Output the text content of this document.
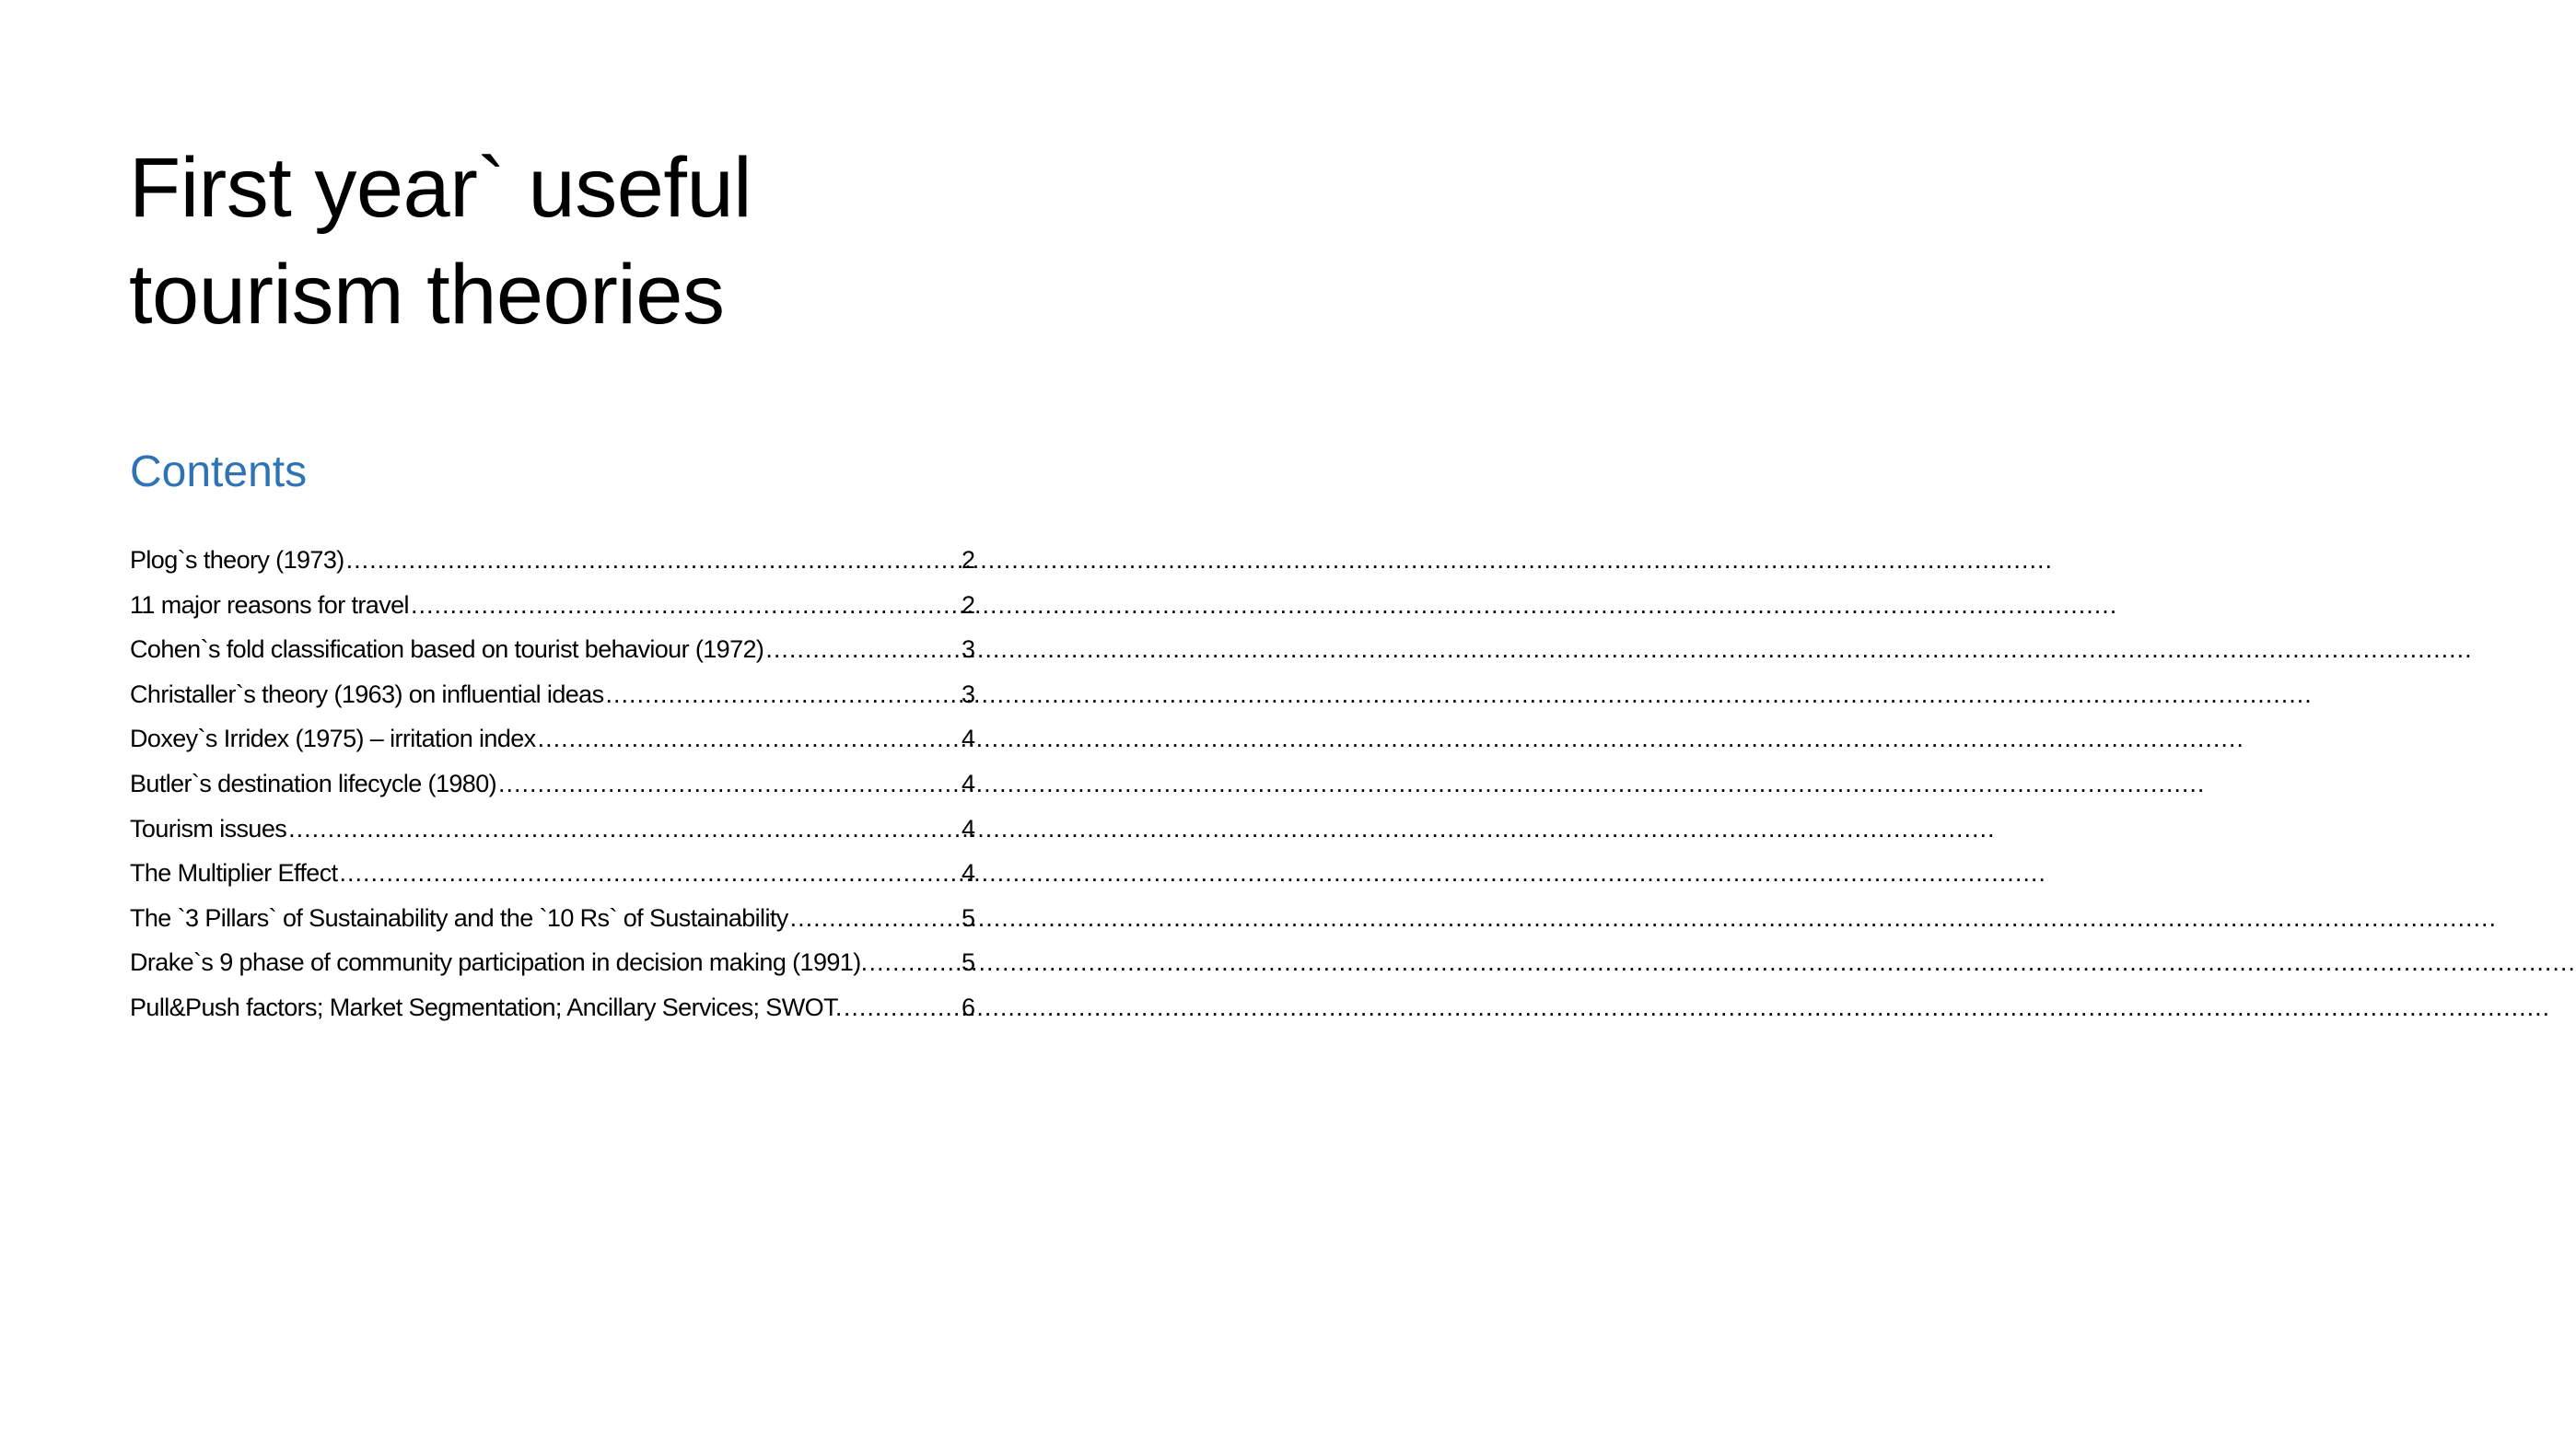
First year` useful
tourism theories
Contents
Plog`s theory (1973) .....	2
11 major reasons for travel .....	2
Cohen`s fold classification based on tourist behaviour (1972) .....	3
Christaller`s theory (1963) on influential ideas .....	3
Doxey`s Irridex (1975) – irritation index .....	4
Butler`s destination lifecycle (1980) .....	4
Tourism issues .....	4
The Multiplier Effect .....	4
The `3 Pillars` of Sustainability and the `10 Rs` of Sustainability .....	5
Drake`s 9 phase of community participation in decision making (1991). .....	5
Pull&Push factors; Market Segmentation; Ancillary Services; SWOT. .....	6
